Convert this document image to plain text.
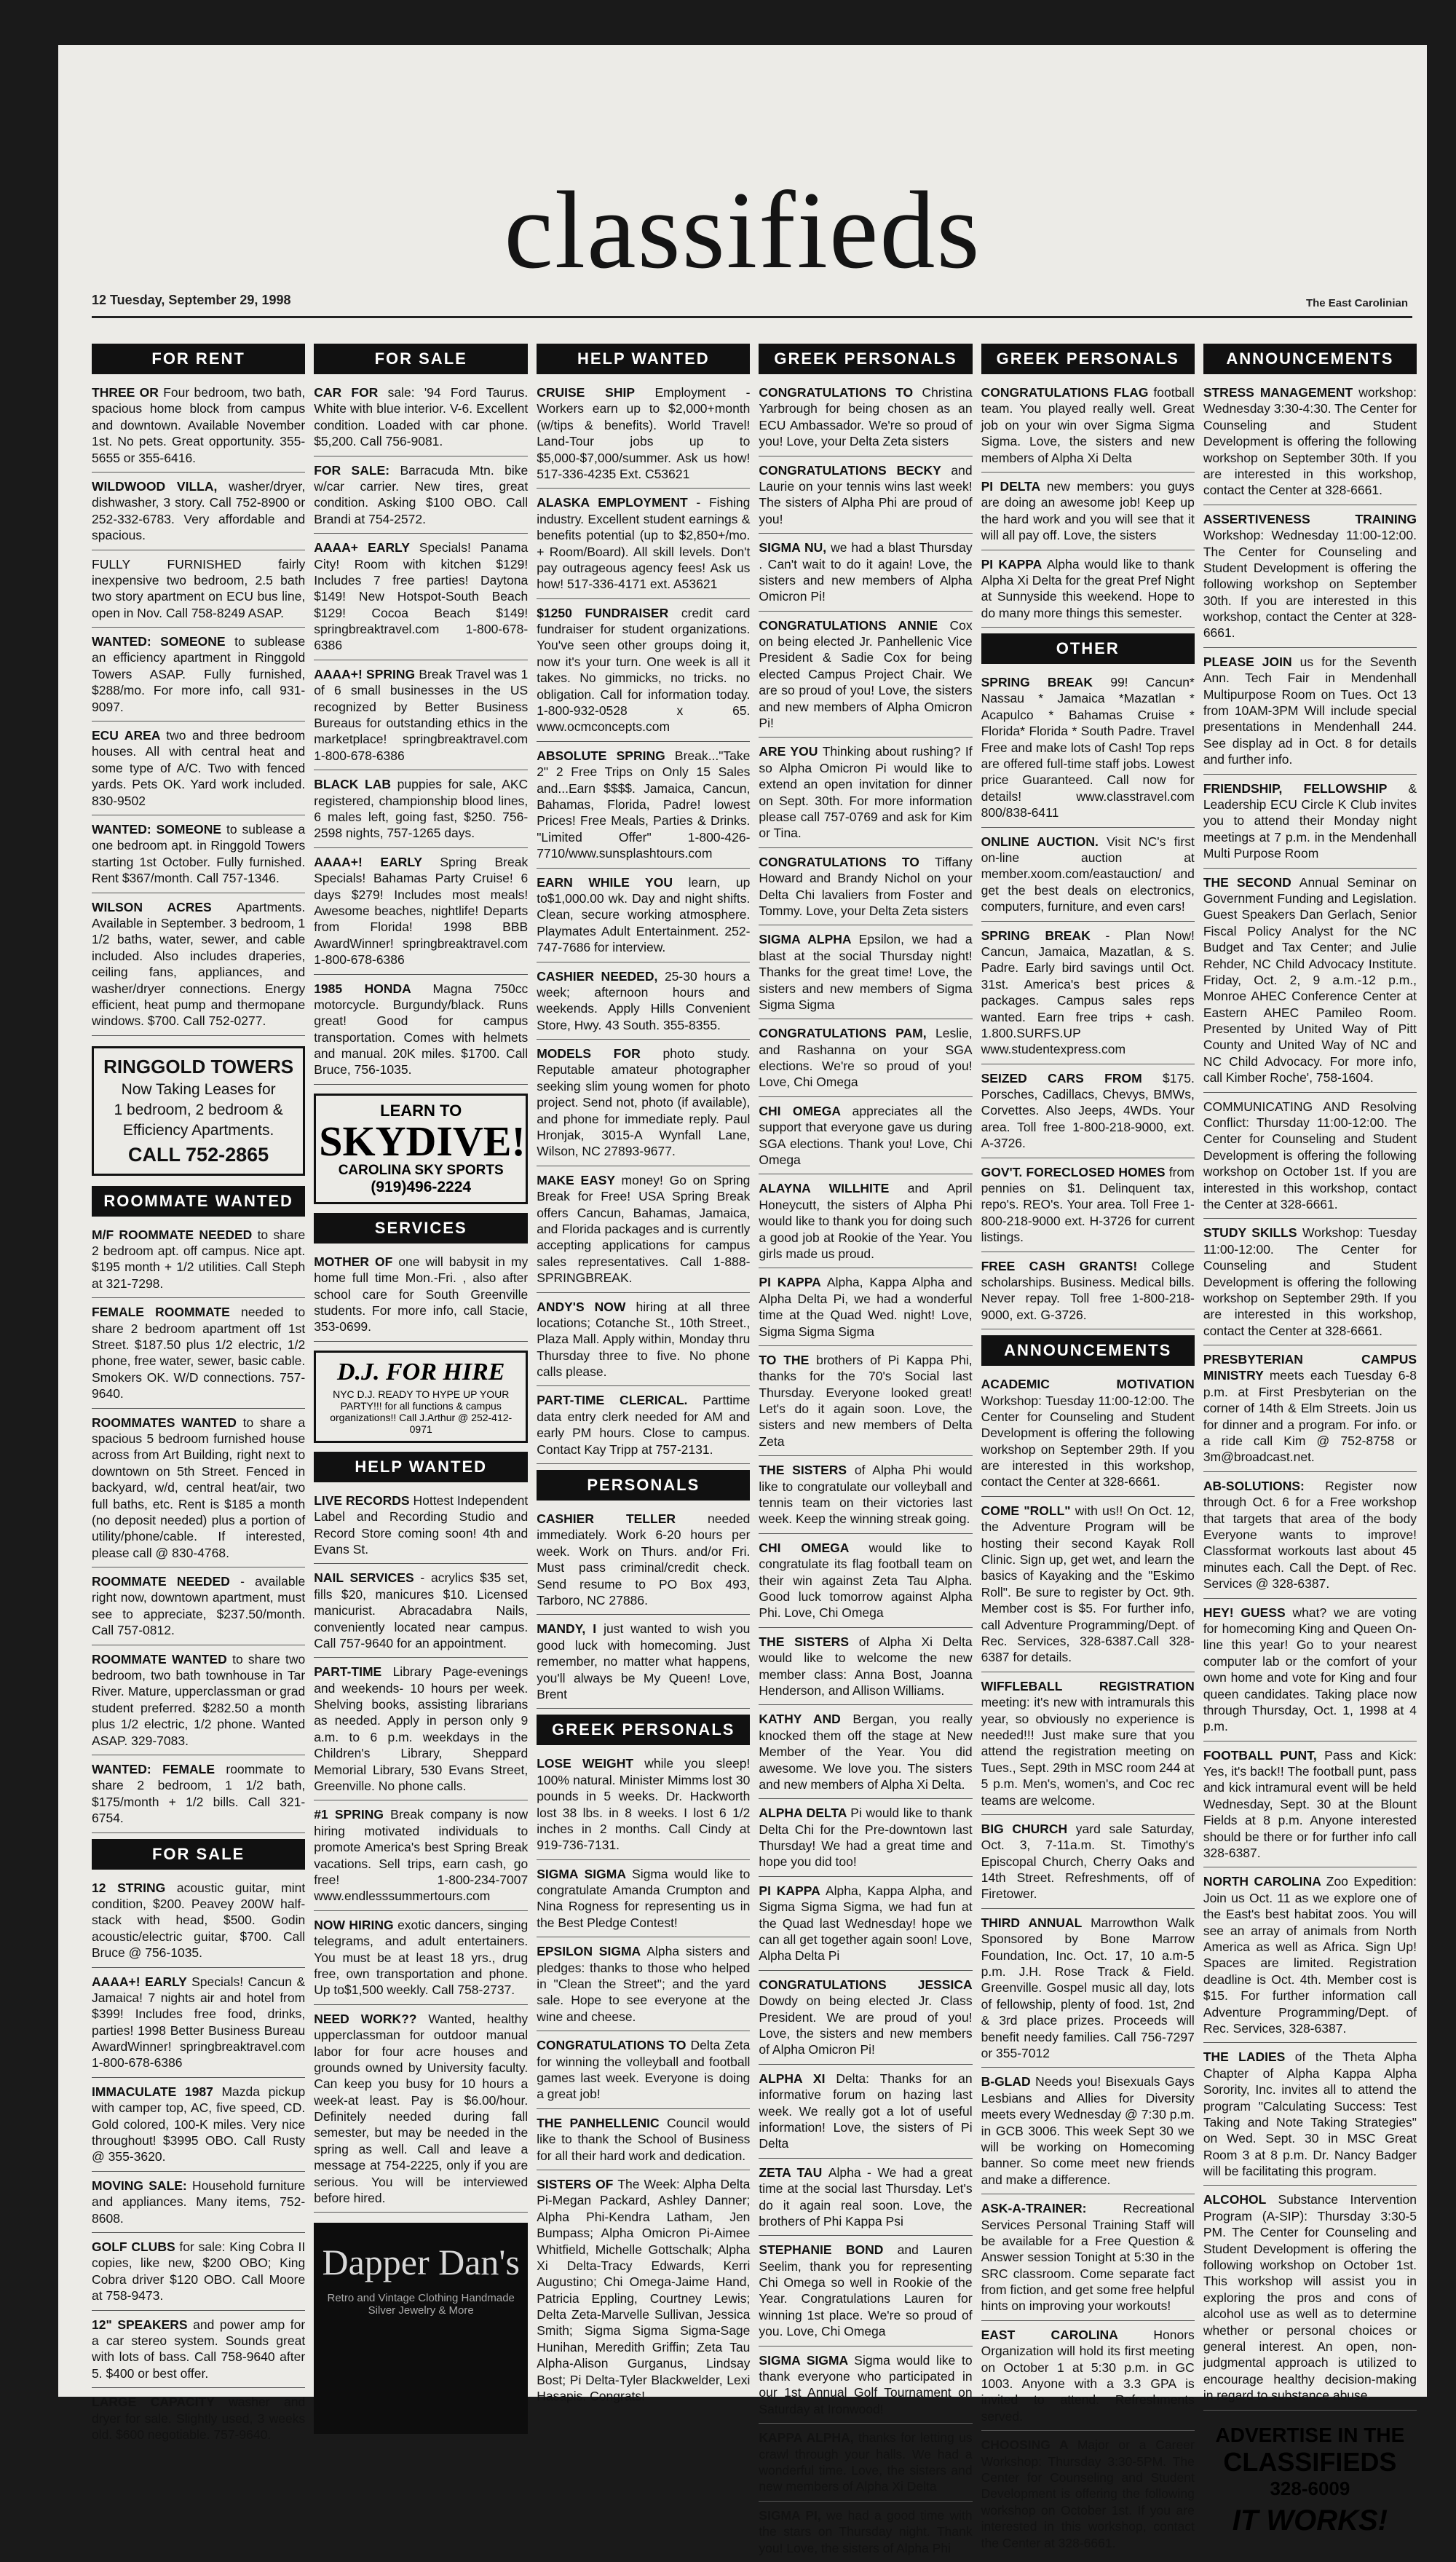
classifieds
12 Tuesday, September 29, 1998	The East Carolinian
FOR RENT
THREE OR Four bedroom, two bath, spacious home block from campus and downtown. Available November 1st. No pets. Great opportunity. 355-5655 or 355-6416.
WILDWOOD VILLA, washer/dryer, dishwasher, 3 story. Call 752-8900 or 252-332-6783. Very affordable and spacious.
FULLY FURNISHED fairly inexpensive two bedroom, 2.5 bath two story apartment on ECU bus line, open in Nov. Call 758-8249 ASAP.
WANTED: SOMEONE to sublease an efficiency apartment in Ringgold Towers ASAP. Fully furnished, $288/mo. For more info, call 931-9097.
ECU AREA two and three bedroom houses. All with central heat and some type of A/C. Two with fenced yards. Pets OK. Yard work included. 830-9502
WANTED: SOMEONE to sublease a one bedroom apt. in Ringgold Towers starting 1st October. Fully furnished. Rent $367/month. Call 757-1346.
WILSON ACRES Apartments. Available in September. 3 bedroom, 1 1/2 baths, water, sewer, and cable included. Also includes draperies, ceiling fans, appliances, and washer/dryer connections. Energy efficient, heat pump and thermopane windows. $700. Call 752-0277.
RINGGOLD TOWERS
Now Taking Leases for
1 bedroom, 2 bedroom &
Efficiency Apartments.
CALL 752-2865
ROOMMATE WANTED
M/F ROOMMATE NEEDED to share 2 bedroom apt. off campus. Nice apt. $195 month + 1/2 utilities. Call Steph at 321-7298.
FEMALE ROOMMATE needed to share 2 bedroom apartment off 1st Street. $187.50 plus 1/2 electric, 1/2 phone, free water, sewer, basic cable. Smokers OK. W/D connections. 757-9640.
ROOMMATES WANTED to share a spacious 5 bedroom furnished house across from Art Building, right next to downtown on 5th Street. Fenced in backyard, w/d, central heat/air, two full baths, etc. Rent is $185 a month (no deposit needed) plus a portion of utility/phone/cable. If interested, please call @ 830-4768.
ROOMMATE NEEDED - available right now, downtown apartment, must see to appreciate, $237.50/month. Call 757-0812.
ROOMMATE WANTED to share two bedroom, two bath townhouse in Tar River. Mature, upperclassman or grad student preferred. $282.50 a month plus 1/2 electric, 1/2 phone. Wanted ASAP. 329-7083.
WANTED: FEMALE roommate to share 2 bedroom, 1 1/2 bath, $175/month + 1/2 bills. Call 321-6754.
FOR SALE
12 STRING acoustic guitar, mint condition, $200. Peavey 200W half-stack with head, $500. Godin acoustic/electric guitar, $700. Call Bruce @ 756-1035.
AAAA+! EARLY Specials! Cancun & Jamaica! 7 nights air and hotel from $399! Includes free food, drinks, parties! 1998 Better Business Bureau AwardWinner! springbreaktravel.com 1-800-678-6386
IMMACULATE 1987 Mazda pickup with camper top, AC, five speed, CD. Gold colored, 100-K miles. Very nice throughout! $3995 OBO. Call Rusty @ 355-3620.
MOVING SALE: Household furniture and appliances. Many items, 752-8608.
GOLF CLUBS for sale: King Cobra II copies, like new, $200 OBO; King Cobra driver $120 OBO. Call Moore at 758-9473.
12" SPEAKERS and power amp for a car stereo system. Sounds great with lots of bass. Call 758-9640 after 5. $400 or best offer.
LARGE CAPACITY washer and dryer for sale. Slightly used, 3 weeks old. $600 negotiable. 757-9640.
FOR SALE
CAR FOR sale: '94 Ford Taurus. White with blue interior. V-6. Excellent condition. Loaded with car phone. $5,200. Call 756-9081.
FOR SALE: Barracuda Mtn. bike w/car carrier. New tires, great condition. Asking $100 OBO. Call Brandi at 754-2572.
AAAA+ EARLY Specials! Panama City! Room with kitchen $129! Includes 7 free parties! Daytona $149! New Hotspot-South Beach $129! Cocoa Beach $149! springbreaktravel.com 1-800-678-6386
AAAA+! SPRING Break Travel was 1 of 6 small businesses in the US recognized by Better Business Bureaus for outstanding ethics in the marketplace! springbreaktravel.com 1-800-678-6386
BLACK LAB puppies for sale, AKC registered, championship blood lines, 6 males left, going fast, $250. 756-2598 nights, 757-1265 days.
AAAA+! EARLY Spring Break Specials! Bahamas Party Cruise! 6 days $279! Includes most meals! Awesome beaches, nightlife! Departs from Florida! 1998 BBB AwardWinner! springbreaktravel.com 1-800-678-6386
1985 HONDA Magna 750cc motorcycle. Burgundy/black. Runs great! Good for campus transportation. Comes with helmets and manual. 20K miles. $1700. Call Bruce, 756-1035.
LEARN TO
SKYDIVE!
CAROLINA SKY SPORTS
(919)496-2224
SERVICES
MOTHER OF one will babysit in my home full time Mon.-Fri. , also after school care for South Greenville students. For more info, call Stacie, 353-0699.
D.J. FOR HIRE
NYC D.J. READY TO HYPE UP YOUR PARTY!!! for all functions & campus organizations!! Call J.Arthur @ 252-412-0971
HELP WANTED
LIVE RECORDS Hottest Independent Label and Recording Studio and Record Store coming soon! 4th and Evans St.
NAIL SERVICES - acrylics $35 set, fills $20, manicures $10. Licensed manicurist. Abracadabra Nails, conveniently located near campus. Call 757-9640 for an appointment.
PART-TIME Library Page-evenings and weekends- 10 hours per week. Shelving books, assisting librarians as needed. Apply in person only 9 a.m. to 6 p.m. weekdays in the Children's Library, Sheppard Memorial Library, 530 Evans Street, Greenville. No phone calls.
#1 SPRING Break company is now hiring motivated individuals to promote America's best Spring Break vacations. Sell trips, earn cash, go free! 1-800-234-7007 www.endlesssummertours.com
NOW HIRING exotic dancers, singing telegrams, and adult entertainers. You must be at least 18 yrs., drug free, own transportation and phone. Up to$1,500 weekly. Call 758-2737.
NEED WORK?? Wanted, healthy upperclassman for outdoor manual labor for four acre houses and grounds owned by University faculty. Can keep you busy for 10 hours a week-at least. Pay is $6.00/hour. Definitely needed during fall semester, but may be needed in the spring as well. Call and leave a message at 754-2225, only if you are serious. You will be interviewed before hired.
Dapper Dan's
Retro and Vintage Clothing Handmade Silver Jewelry & More
HELP WANTED
CRUISE SHIP Employment - Workers earn up to $2,000+month (w/tips & benefits). World Travel! Land-Tour jobs up to $5,000-$7,000/summer. Ask us how! 517-336-4235 Ext. C53621
ALASKA EMPLOYMENT - Fishing industry. Excellent student earnings & benefits potential (up to $2,850+/mo. + Room/Board). All skill levels. Don't pay outrageous agency fees! Ask us how! 517-336-4171 ext. A53621
$1250 FUNDRAISER credit card fundraiser for student organizations. You've seen other groups doing it, now it's your turn. One week is all it takes. No gimmicks, no tricks. no obligation. Call for information today. 1-800-932-0528 x 65. www.ocmconcepts.com
ABSOLUTE SPRING Break..."Take 2" 2 Free Trips on Only 15 Sales and...Earn $$$$. Jamaica, Cancun, Bahamas, Florida, Padre! lowest Prices! Free Meals, Parties & Drinks. "Limited Offer" 1-800-426-7710/www.sunsplashtours.com
EARN WHILE YOU learn, up to$1,000.00 wk. Day and night shifts. Clean, secure working atmosphere. Playmates Adult Entertainment. 252-747-7686 for interview.
CASHIER NEEDED, 25-30 hours a week; afternoon hours and weekends. Apply Hills Convenient Store, Hwy. 43 South. 355-8355.
MODELS FOR photo study. Reputable amateur photographer seeking slim young women for photo project. Send not, photo (if available), and phone for immediate reply. Paul Hronjak, 3015-A Wynfall Lane, Wilson, NC 27893-9677.
MAKE EASY money! Go on Spring Break for Free! USA Spring Break offers Cancun, Bahamas, Jamaica, and Florida packages and is currently accepting applications for campus sales representatives. Call 1-888-SPRINGBREAK.
ANDY'S NOW hiring at all three locations; Cotanche St., 10th Street., Plaza Mall. Apply within, Monday thru Thursday three to five. No phone calls please.
PART-TIME CLERICAL. Parttime data entry clerk needed for AM and early PM hours. Close to campus. Contact Kay Tripp at 757-2131.
PERSONALS
CASHIER TELLER needed immediately. Work 6-20 hours per week. Work on Thurs. and/or Fri. Must pass criminal/credit check. Send resume to PO Box 493, Tarboro, NC 27886.
MANDY, I just wanted to wish you good luck with homecoming. Just remember, no matter what happens, you'll always be My Queen! Love, Brent
GREEK PERSONALS
LOSE WEIGHT while you sleep! 100% natural. Minister Mimms lost 30 pounds in 5 weeks. Dr. Hackworth lost 38 lbs. in 8 weeks. I lost 6 1/2 inches in 2 months. Call Cindy at 919-736-7131.
SIGMA SIGMA Sigma would like to congratulate Amanda Crumpton and Nina Rogness for representing us in the Best Pledge Contest!
EPSILON SIGMA Alpha sisters and pledges: thanks to those who helped in "Clean the Street"; and the yard sale. Hope to see everyone at the wine and cheese.
CONGRATULATIONS TO Delta Zeta for winning the volleyball and football games last week. Everyone is doing a great job!
THE PANHELLENIC Council would like to thank the School of Business for all their hard work and dedication.
SISTERS OF The Week: Alpha Delta Pi-Megan Packard, Ashley Danner; Alpha Phi-Kendra Latham, Jen Bumpass; Alpha Omicron Pi-Aimee Whitfield, Michelle Gottschalk; Alpha Xi Delta-Tracy Edwards, Kerri Augustino; Chi Omega-Jaime Hand, Patricia Eppling, Courtney Lewis; Delta Zeta-Marvelle Sullivan, Jessica Smith; Sigma Sigma Sigma-Sage Hunihan, Meredith Griffin; Zeta Tau Alpha-Alison Gurganus, Lindsay Bost; Pi Delta-Tyler Blackwelder, Lexi Hasapis. Congrats!
GREEK PERSONALS
CONGRATULATIONS TO Christina Yarbrough for being chosen as an ECU Ambassador. We're so proud of you! Love, your Delta Zeta sisters
CONGRATULATIONS BECKY and Laurie on your tennis wins last week! The sisters of Alpha Phi are proud of you!
SIGMA NU, we had a blast Thursday . Can't wait to do it again! Love, the sisters and new members of Alpha Omicron Pi!
CONGRATULATIONS ANNIE Cox on being elected Jr. Panhellenic Vice President & Sadie Cox for being elected Campus Project Chair. We are so proud of you! Love, the sisters and new members of Alpha Omicron Pi!
ARE YOU Thinking about rushing? If so Alpha Omicron Pi would like to extend an open invitation for dinner on Sept. 30th. For more information please call 757-0769 and ask for Kim or Tina.
CONGRATULATIONS TO Tiffany Howard and Brandy Nichol on your Delta Chi lavaliers from Foster and Tommy. Love, your Delta Zeta sisters
SIGMA ALPHA Epsilon, we had a blast at the social Thursday night! Thanks for the great time! Love, the sisters and new members of Sigma Sigma Sigma
CONGRATULATIONS PAM, Leslie, and Rashanna on your SGA elections. We're so proud of you! Love, Chi Omega
CHI OMEGA appreciates all the support that everyone gave us during SGA elections. Thank you! Love, Chi Omega
ALAYNA WILLHITE and April Honeycutt, the sisters of Alpha Phi would like to thank you for doing such a good job at Rookie of the Year. You girls made us proud.
PI KAPPA Alpha, Kappa Alpha and Alpha Delta Pi, we had a wonderful time at the Quad Wed. night! Love, Sigma Sigma Sigma
TO THE brothers of Pi Kappa Phi, thanks for the 70's Social last Thursday. Everyone looked great! Let's do it again soon. Love, the sisters and new members of Delta Zeta
THE SISTERS of Alpha Phi would like to congratulate our volleyball and tennis team on their victories last week. Keep the winning streak going.
CHI OMEGA would like to congratulate its flag football team on their win against Zeta Tau Alpha. Good luck tomorrow against Alpha Phi. Love, Chi Omega
THE SISTERS of Alpha Xi Delta would like to welcome the new member class: Anna Bost, Joanna Henderson, and Allison Williams.
KATHY AND Bergan, you really knocked them off the stage at New Member of the Year. You did awesome. We love you. The sisters and new members of Alpha Xi Delta.
ALPHA DELTA Pi would like to thank Delta Chi for the Pre-downtown last Thursday! We had a great time and hope you did too!
PI KAPPA Alpha, Kappa Alpha, and Sigma Sigma Sigma, we had fun at the Quad last Wednesday! hope we can all get together again soon! Love, Alpha Delta Pi
CONGRATULATIONS JESSICA Dowdy on being elected Jr. Class President. We are proud of you! Love, the sisters and new members of Alpha Omicron Pi!
ALPHA XI Delta: Thanks for an informative forum on hazing last week. We really got a lot of useful information! Love, the sisters of Pi Delta
ZETA TAU Alpha - We had a great time at the social last Thursday. Let's do it again real soon. Love, the brothers of Phi Kappa Psi
STEPHANIE BOND and Lauren Seelim, thank you for representing Chi Omega so well in Rookie of the Year. Congratulations Lauren for winning 1st place. We're so proud of you. Love, Chi Omega
SIGMA SIGMA Sigma would like to thank everyone who participated in our 1st Annual Golf Tournament on Saturday at Ironwood!
KAPPA ALPHA, thanks for letting us crawl through your halls. We had a wonderful time. Love, the sisters and new members of Alpha Xi Delta
SIGMA PI, we had a good time with the stars on Thursday night. Thank you! Love, the sisters of Alpha Phi
GREEK PERSONALS
CONGRATULATIONS FLAG football team. You played really well. Great job on your win over Sigma Sigma Sigma. Love, the sisters and new members of Alpha Xi Delta
PI DELTA new members: you guys are doing an awesome job! Keep up the hard work and you will see that it will all pay off. Love, the sisters
PI KAPPA Alpha would like to thank Alpha Xi Delta for the great Pref Night at Sunnyside this weekend. Hope to do many more things this semester.
OTHER
SPRING BREAK 99! Cancun* Nassau * Jamaica *Mazatlan * Acapulco * Bahamas Cruise * Florida* Florida * South Padre. Travel Free and make lots of Cash! Top reps are offered full-time staff jobs. Lowest price Guaranteed. Call now for details! www.classtravel.com 800/838-6411
ONLINE AUCTION. Visit NC's first on-line auction at member.xoom.com/eastauction/ and get the best deals on electronics, computers, furniture, and even cars!
SPRING BREAK - Plan Now! Cancun, Jamaica, Mazatlan, & S. Padre. Early bird savings until Oct. 31st. America's best prices & packages. Campus sales reps wanted. Earn free trips + cash. 1.800.SURFS.UP www.studentexpress.com
SEIZED CARS FROM $175. Porsches, Cadillacs, Chevys, BMWs, Corvettes. Also Jeeps, 4WDs. Your area. Toll free 1-800-218-9000, ext. A-3726.
GOV'T. FORECLOSED HOMES from pennies on $1. Delinquent tax, repo's. REO's. Your area. Toll Free 1-800-218-9000 ext. H-3726 for current listings.
FREE CASH GRANTS! College scholarships. Business. Medical bills. Never repay. Toll free 1-800-218-9000, ext. G-3726.
ANNOUNCEMENTS
ACADEMIC MOTIVATION Workshop: Tuesday 11:00-12:00. The Center for Counseling and Student Development is offering the following workshop on September 29th. If you are interested in this workshop, contact the Center at 328-6661.
COME "ROLL" with us!! On Oct. 12, the Adventure Program will be hosting their second Kayak Roll Clinic. Sign up, get wet, and learn the basics of Kayaking and the "Eskimo Roll". Be sure to register by Oct. 9th. Member cost is $5. For further info, call Adventure Programming/Dept. of Rec. Services, 328-6387.Call 328-6387 for details.
WIFFLEBALL REGISTRATION meeting: it's new with intramurals this year, so obviously no experience is needed!!! Just make sure that you attend the registration meeting on Tues., Sept. 29th in MSC room 244 at 5 p.m. Men's, women's, and Coc rec teams are welcome.
BIG CHURCH yard sale Saturday, Oct. 3, 7-11a.m. St. Timothy's Episcopal Church, Cherry Oaks and 14th Street. Refreshments, off of Firetower.
THIRD ANNUAL Marrowthon Walk Sponsored by Bone Marrow Foundation, Inc. Oct. 17, 10 a.m-5 p.m. J.H. Rose Track & Field. Greenville. Gospel music all day, lots of fellowship, plenty of food. 1st, 2nd & 3rd place prizes. Proceeds will benefit needy families. Call 756-7297 or 355-7012
B-GLAD Needs you! Bisexuals Gays Lesbians and Allies for Diversity meets every Wednesday @ 7:30 p.m. in GCB 3006. This week Sept 30 we will be working on Homecoming banner. So come meet new friends and make a difference.
ASK-A-TRAINER: Recreational Services Personal Training Staff will be available for a Free Question & Answer session Tonight at 5:30 in the SRC classroom. Come separate fact from fiction, and get some free helpful hints on improving your workouts!
EAST CAROLINA Honors Organization will hold its first meeting on October 1 at 5:30 p.m. in GC 1003. Anyone with a 3.3 GPA is invited to attend. Refreshments served.
CHOOSING A Major or a Career Workshop: Thursday 3:30-5PM. The Center for Counseling and Student Development is offering the following workshop on October 1st. If you are interested in this workshop, contact the Center at 328-6661.
ANNOUNCEMENTS
STRESS MANAGEMENT workshop: Wednesday 3:30-4:30. The Center for Counseling and Student Development is offering the following workshop on September 30th. If you are interested in this workshop, contact the Center at 328-6661.
ASSERTIVENESS TRAINING Workshop: Wednesday 11:00-12:00. The Center for Counseling and Student Development is offering the following workshop on September 30th. If you are interested in this workshop, contact the Center at 328-6661.
PLEASE JOIN us for the Seventh Ann. Tech Fair in Mendenhall Multipurpose Room on Tues. Oct 13 from 10AM-3PM Will include special presentations in Mendenhall 244. See display ad in Oct. 8 for details and further info.
FRIENDSHIP, FELLOWSHIP & Leadership ECU Circle K Club invites you to attend their Monday night meetings at 7 p.m. in the Mendenhall Multi Purpose Room
THE SECOND Annual Seminar on Government Funding and Legislation. Guest Speakers Dan Gerlach, Senior Fiscal Policy Analyst for the NC Budget and Tax Center; and Julie Rehder, NC Child Advocacy Institute. Friday, Oct. 2, 9 a.m.-12 p.m., Monroe AHEC Conference Center at Eastern AHEC Pamileo Room. Presented by United Way of Pitt County and United Way of NC and NC Child Advocacy. For more info, call Kimber Roche', 758-1604.
COMMUNICATING AND Resolving Conflict: Thursday 11:00-12:00. The Center for Counseling and Student Development is offering the following workshop on October 1st. If you are interested in this workshop, contact the Center at 328-6661.
STUDY SKILLS Workshop: Tuesday 11:00-12:00. The Center for Counseling and Student Development is offering the following workshop on September 29th. If you are interested in this workshop, contact the Center at 328-6661.
PRESBYTERIAN CAMPUS MINISTRY meets each Tuesday 6-8 p.m. at First Presbyterian on the corner of 14th & Elm Streets. Join us for dinner and a program. For info. or a ride call Kim @ 752-8758 or 3m@broadcast.net.
AB-SOLUTIONS: Register now through Oct. 6 for a Free workshop that targets that area of the body Everyone wants to improve! Classformat workouts last about 45 minutes each. Call the Dept. of Rec. Services @ 328-6387.
HEY! GUESS what? we are voting for homecoming King and Queen On-line this year! Go to your nearest computer lab or the comfort of your own home and vote for King and four queen candidates. Taking place now through Thursday, Oct. 1, 1998 at 4 p.m.
FOOTBALL PUNT, Pass and Kick: Yes, it's back!! The football punt, pass and kick intramural event will be held Wednesday, Sept. 30 at the Blount Fields at 8 p.m. Anyone interested should be there or for further info call 328-6387.
NORTH CAROLINA Zoo Expedition: Join us Oct. 11 as we explore one of the East's best habitat zoos. You will see an array of animals from North America as well as Africa. Sign Up! Spaces are limited. Registration deadline is Oct. 4th. Member cost is $15. For further information call Adventure Programming/Dept. of Rec. Services, 328-6387.
THE LADIES of the Theta Alpha Chapter of Alpha Kappa Alpha Sorority, Inc. invites all to attend the program "Calculating Success: Test Taking and Note Taking Strategies" on Wed. Sept. 30 in MSC Great Room 3 at 8 p.m. Dr. Nancy Badger will be facilitating this program.
ALCOHOL Substance Intervention Program (A-SIP): Thursday 3:30-5 PM. The Center for Counseling and Student Development is offering the following workshop on October 1st. This workshop will assist you in exploring the pros and cons of alcohol use as well as to determine whether or personal choices or general interest. An open, non-judgmental approach is utilized to encourage healthy decision-making in regard to substance abuse.
ADVERTISE IN THE
CLASSIFIEDS
328-6009
IT WORKS!
